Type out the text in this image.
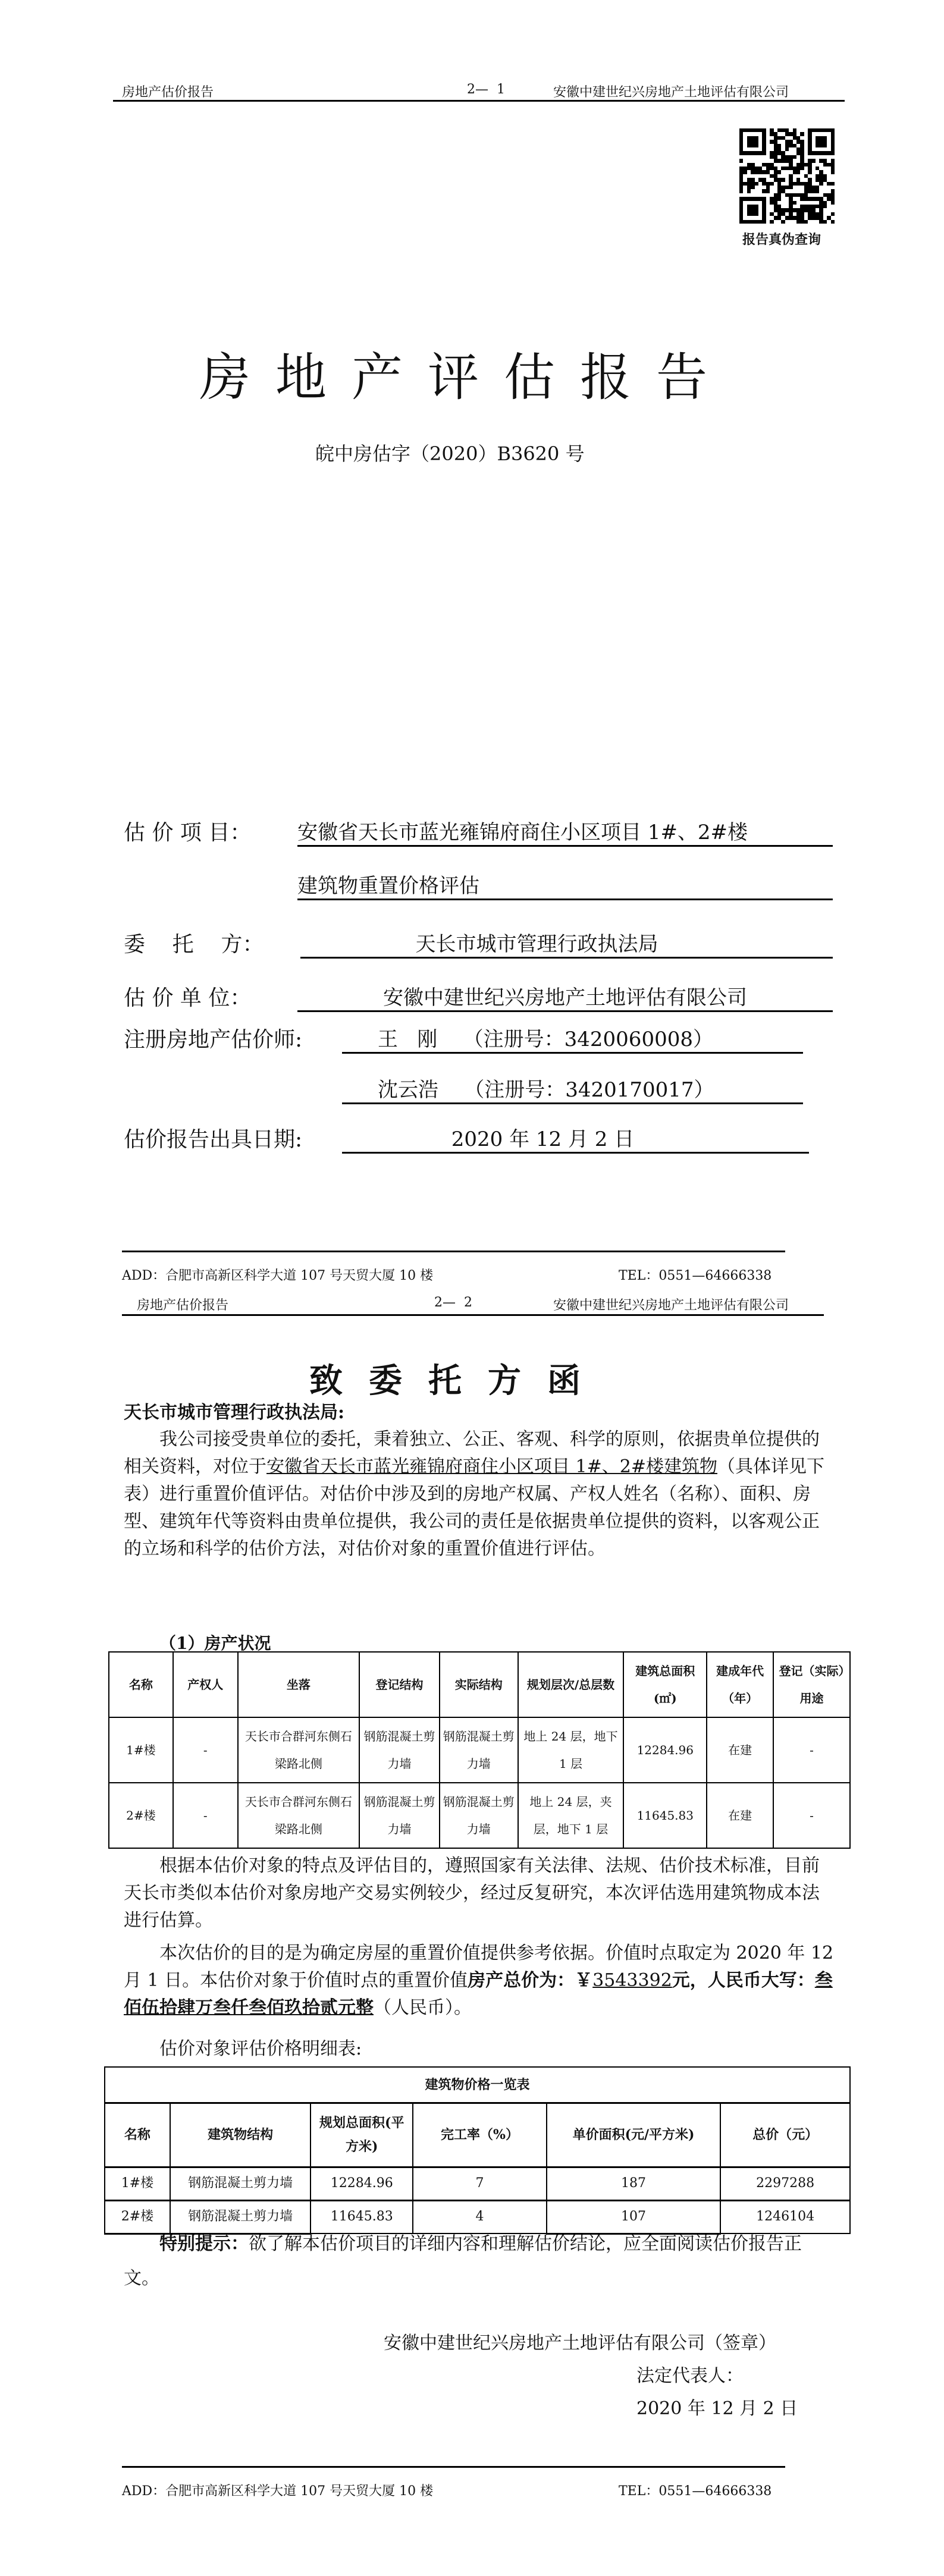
房地产估价报告	2—  1	安徽中建世纪兴房地产土地评估有限公司
报告真伪查询
房地产评估报告
皖中房估字（2020）B3620 号
估 价 项 目： 安徽省天长市蓝光雍锦府商住小区项目 1#、2#楼
建筑物重置价格评估
委    托    方：	天长市城市管理行政执法局
估 价 单 位：	安徽中建世纪兴房地产土地评估有限公司
注册房地产估价师:	王   刚    （注册号：3420060008）
沈云浩    （注册号：3420170017）
估价报告出具日期:	2020 年 12 月 2 日
ADD：合肥市高新区科学大道 107 号天贸大厦 10 楼	TEL：0551—64666338
房地产估价报告	2—  2	安徽中建世纪兴房地产土地评估有限公司
致委托方函
天长市城市管理行政执法局:
我公司接受贵单位的委托，秉着独立、公正、客观、科学的原则，依据贵单位提供的相关资料，对位于安徽省天长市蓝光雍锦府商住小区项目 1#、2#楼建筑物（具体详见下表）进行重置价值评估。对估价中涉及到的房地产权属、产权人姓名（名称）、面积、房型、建筑年代等资料由贵单位提供，我公司的责任是依据贵单位提供的资料，以客观公正的立场和科学的估价方法，对估价对象的重置价值进行评估。
（1）房产状况
名称	产权人	坐落	登记结构	实际结构	规划层次/总层数	建筑总面积(㎡)	建成年代（年）	登记（实际）用途
1#楼	-	天长市合群河东侧石梁路北侧	钢筋混凝土剪力墙	钢筋混凝土剪力墙	地上 24 层，地下 1 层	12284.96	在建	-
2#楼	-	天长市合群河东侧石梁路北侧	钢筋混凝土剪力墙	钢筋混凝土剪力墙	地上 24 层，夹层，地下 1 层	11645.83	在建	-
根据本估价对象的特点及评估目的，遵照国家有关法律、法规、估价技术标准，目前天长市类似本估价对象房地产交易实例较少，经过反复研究，本次评估选用建筑物成本法进行估算。
本次估价的目的是为确定房屋的重置价值提供参考依据。价值时点取定为 2020 年 12 月 1 日。本估价对象于价值时点的重置价值房产总价为：￥3543392元，人民币大写：叁佰伍拾肆万叁仟叁佰玖拾贰元整（人民币）。
估价对象评估价格明细表:
建筑物价格一览表					
名称	建筑物结构	规划总面积(平方米)	完工率（%）	单价面积(元/平方米)	总价（元）
1#楼	钢筋混凝土剪力墙	12284.96	7	187	2297288
2#楼	钢筋混凝土剪力墙	11645.83	4	107	1246104
特别提示：欲了解本估价项目的详细内容和理解估价结论，应全面阅读估价报告正文。
安徽中建世纪兴房地产土地评估有限公司（签章）
法定代表人：
2020 年 12 月 2 日
ADD：合肥市高新区科学大道 107 号天贸大厦 10 楼	TEL：0551—64666338
